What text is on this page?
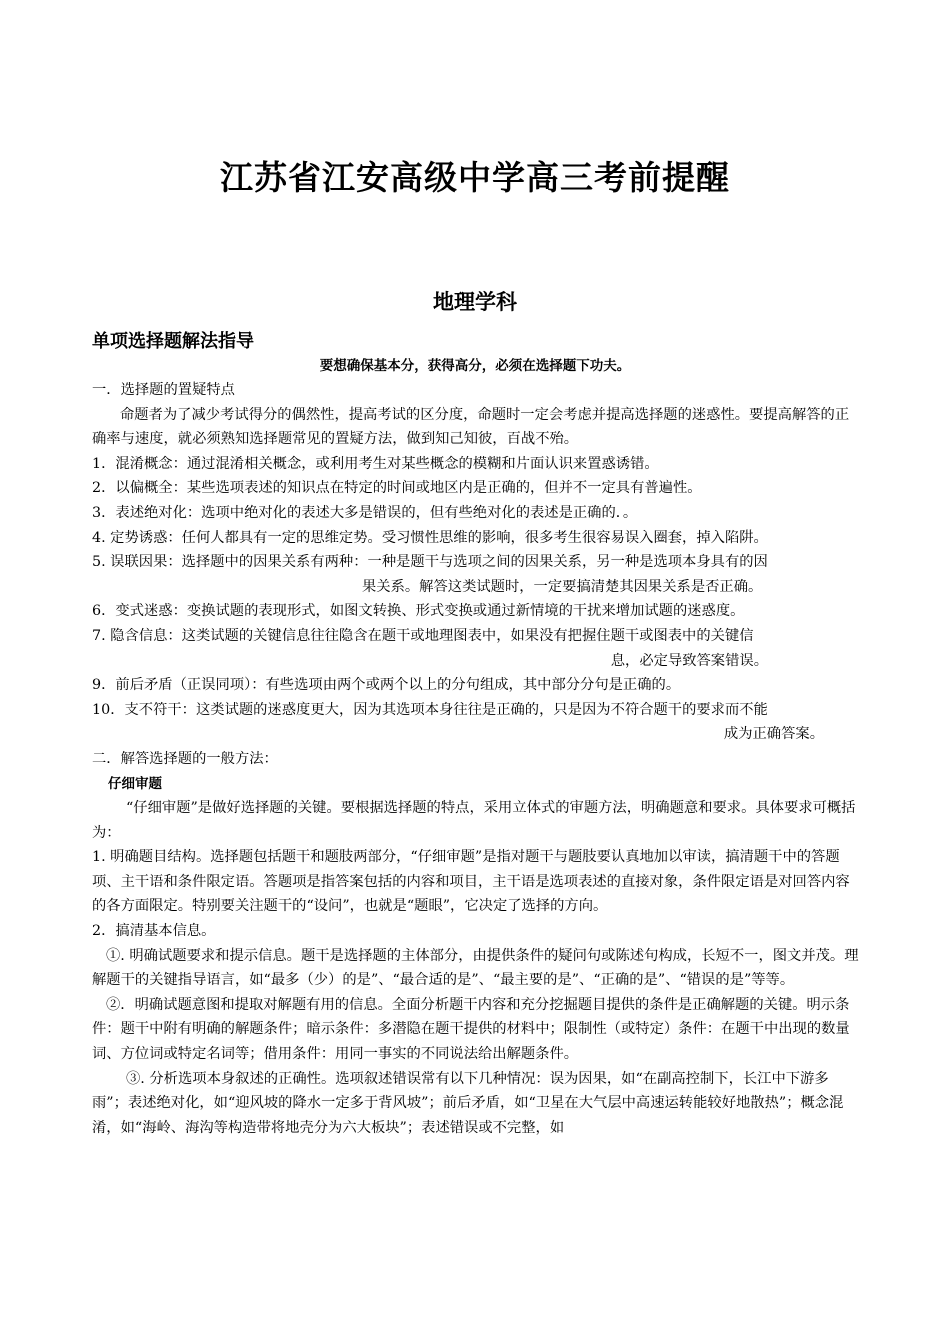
江苏省江安高级中学高三考前提醒
地理学科
单项选择题解法指导
要想确保基本分，获得高分，必须在选择题下功夫。

一．选择题的置疑特点

命题者为了减少考试得分的偶然性，提高考试的区分度，命题时一定会考虑并提高选择题的迷惑性。要提高解答的正确率与速度，就必须熟知选择题常见的置疑方法，做到知己知彼，百战不殆。

1．混淆概念：通过混淆相关概念，或利用考生对某些概念的模糊和片面认识来置惑诱错。

2．以偏概全：某些选项表述的知识点在特定的时间或地区内是正确的，但并不一定具有普遍性。

3．表述绝对化：选项中绝对化的表述大多是错误的，但有些绝对化的表述是正确的．。

4. 定势诱惑：任何人都具有一定的思维定势。受习惯性思维的影响，很多考生很容易误入圈套，掉入陷阱。

5. 误联因果：选择题中的因果关系有两种：一种是题干与选项之间的因果关系，另一种是选项本身具有的因

果关系。解答这类试题时，一定要搞清楚其因果关系是否正确。

6．变式迷惑：变换试题的表现形式，如图文转换、形式变换或通过新情境的干扰来增加试题的迷惑度。

7. 隐含信息：这类试题的关键信息往往隐含在题干或地理图表中，如果没有把握住题干或图表中的关键信

息，必定导致答案错误。

9．前后矛盾（正误同项）：有些选项由两个或两个以上的分句组成，其中部分分句是正确的。

10．支不符干：这类试题的迷惑度更大，因为其选项本身往往是正确的，只是因为不符合题干的要求而不能

成为正确答案。

二．解答选择题的一般方法：

仔细审题

“仔细审题”是做好选择题的关键。要根据选择题的特点，采用立体式的审题方法，明确题意和要求。具体要求可概括为：

1. 明确题目结构。选择题包括题干和题肢两部分，“仔细审题”是指对题干与题肢要认真地加以审读，搞清题干中的答题项、主干语和条件限定语。答题项是指答案包括的内容和项目，主干语是选项表述的直接对象，条件限定语是对回答内容的各方面限定。特别要关注题干的“设问”，也就是“题眼”，它决定了选择的方向。

2．搞清基本信息。

①. 明确试题要求和提示信息。题干是选择题的主体部分，由提供条件的疑问句或陈述句构成，长短不一，图文并茂。理解题干的关键指导语言，如“最多（少）的是”、“最合适的是”、“最主要的是”、“正确的是”、“错误的是”等等。

②．明确试题意图和提取对解题有用的信息。全面分析题干内容和充分挖掘题目提供的条件是正确解题的关键。明示条件：题干中附有明确的解题条件；暗示条件：多潜隐在题干提供的材料中；限制性（或特定）条件：在题干中出现的数量词、方位词或特定名词等；借用条件：用同一事实的不同说法给出解题条件。

③. 分析选项本身叙述的正确性。选项叙述错误常有以下几种情况：误为因果，如“在副高控制下，长江中下游多雨”；表述绝对化，如“迎风坡的降水一定多于背风坡”；前后矛盾，如“卫星在大气层中高速运转能较好地散热”；概念混淆，如“海岭、海沟等构造带将地壳分为六大板块”；表述错误或不完整，如
